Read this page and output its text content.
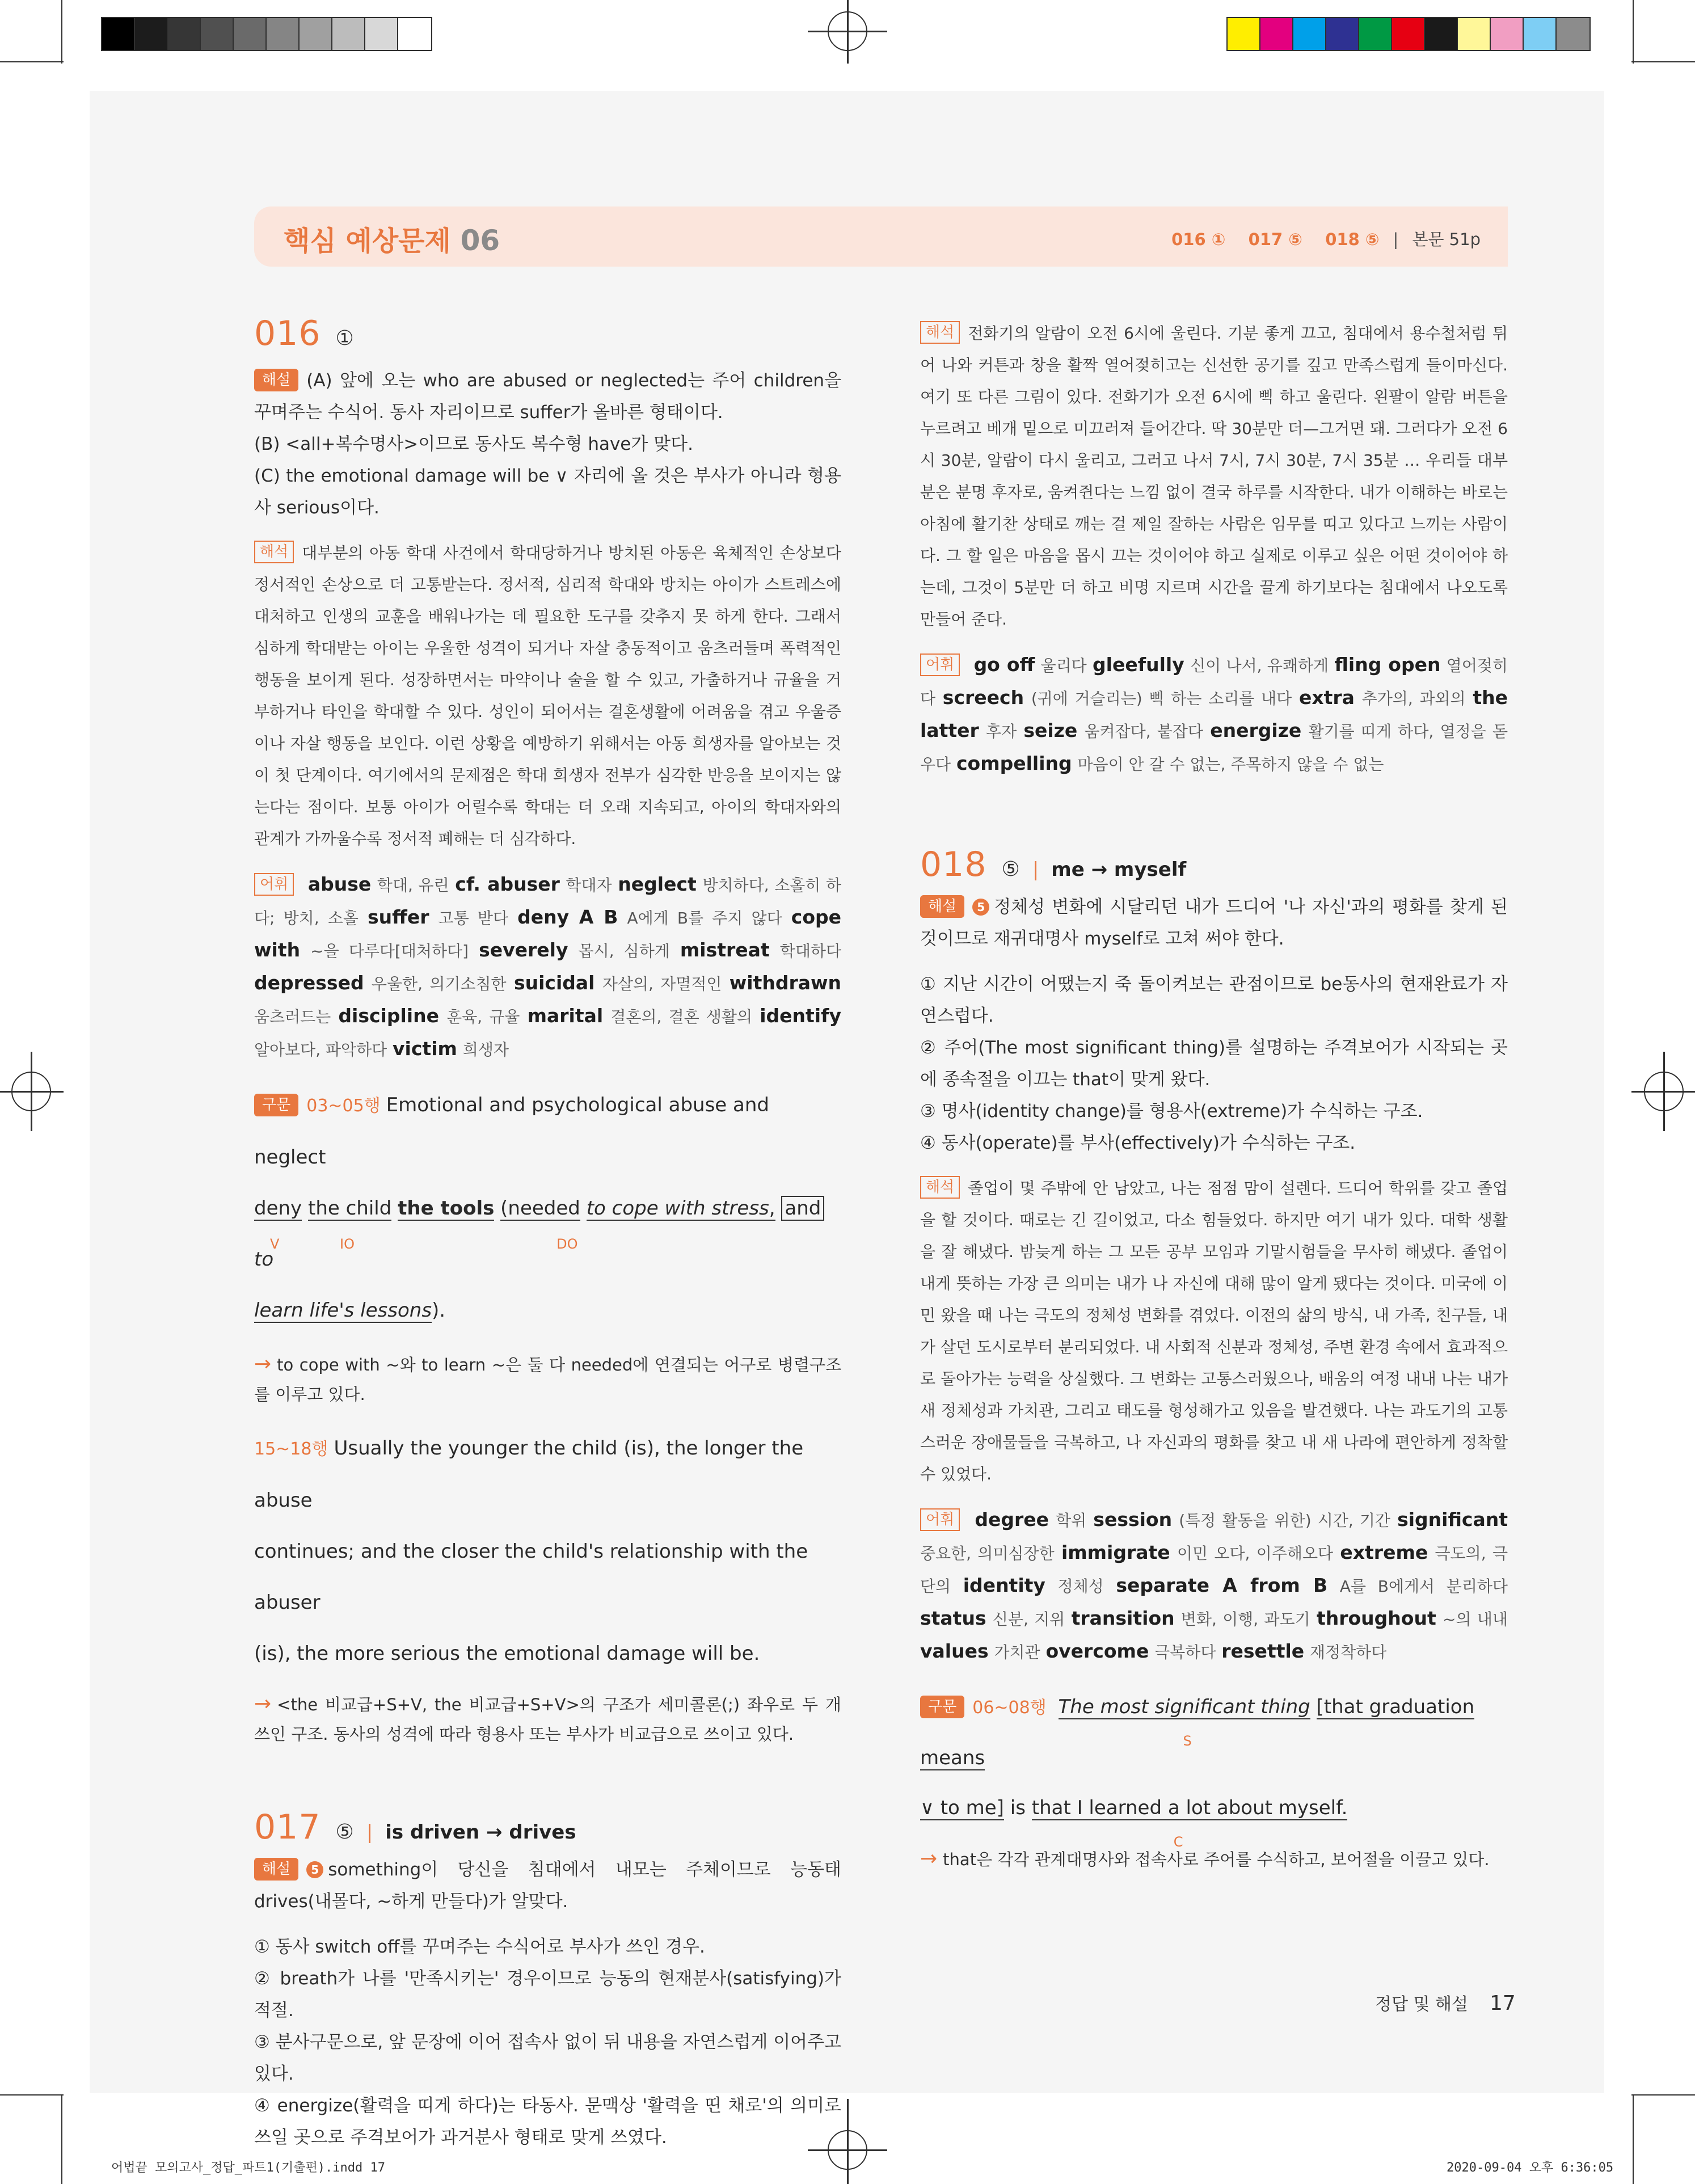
핵심 예상문제 06	016 ① 017 ⑤ 018 ⑤ | 본문 51p
016 ①
해설 (A) 앞에 오는 who are abused or neglected는 주어 children을 꾸며주는 수식어. 동사 자리이므로 suffer가 올바른 형태이다.
(B) <all+복수명사>이므로 동사도 복수형 have가 맞다.
(C) the emotional damage will be ∨ 자리에 올 것은 부사가 아니라 형용사 serious이다.
해석 대부분의 아동 학대 사건에서 학대당하거나 방치된 아동은 육체적인 손상보다 정서적인 손상으로 더 고통받는다. 정서적, 심리적 학대와 방치는 아이가 스트레스에 대처하고 인생의 교훈을 배워나가는 데 필요한 도구를 갖추지 못 하게 한다. 그래서 심하게 학대받는 아이는 우울한 성격이 되거나 자살 충동적이고 움츠러들며 폭력적인 행동을 보이게 된다. 성장하면서는 마약이나 술을 할 수 있고, 가출하거나 규율을 거부하거나 타인을 학대할 수 있다. 성인이 되어서는 결혼생활에 어려움을 겪고 우울증이나 자살 행동을 보인다. 이런 상황을 예방하기 위해서는 아동 희생자를 알아보는 것이 첫 단계이다. 여기에서의 문제점은 학대 희생자 전부가 심각한 반응을 보이지는 않는다는 점이다. 보통 아이가 어릴수록 학대는 더 오래 지속되고, 아이의 학대자와의 관계가 가까울수록 정서적 폐해는 더 심각하다.
어휘 abuse 학대, 유린 cf. abuser 학대자 neglect 방치하다, 소홀히 하다; 방치, 소홀 suffer 고통 받다 deny A B A에게 B를 주지 않다 cope with ~을 다루다[대처하다] severely 몹시, 심하게 mistreat 학대하다 depressed 우울한, 의기소침한 suicidal 자살의, 자멸적인 withdrawn 움츠러드는 discipline 훈육, 규율 marital 결혼의, 결혼 생활의 identify 알아보다, 파악하다 victim 희생자
구문 03~05행 Emotional and psychological abuse and neglect
deny
V
the child
IO
the tools (needed to cope with stress,
DO
and to
learn life's lessons).
→ to cope with ~와 to learn ~은 둘 다 needed에 연결되는 어구로 병렬구조를 이루고 있다.
15~18행 Usually the younger the child (is), the longer the abuse
continues; and the closer the child's relationship with the abuser
(is), the more serious the emotional damage will be.
→ <the 비교급+S+V, the 비교급+S+V>의 구조가 세미콜론(;) 좌우로 두 개 쓰인 구조. 동사의 성격에 따라 형용사 또는 부사가 비교급으로 쓰이고 있다.
017 ⑤ | is driven → drives
해설 5 something이 당신을 침대에서 내모는 주체이므로 능동태 drives(내몰다, ~하게 만들다)가 알맞다.
① 동사 switch off를 꾸며주는 수식어로 부사가 쓰인 경우.
② breath가 나를 '만족시키는' 경우이므로 능동의 현재분사(satisfying)가 적절.
③ 분사구문으로, 앞 문장에 이어 접속사 없이 뒤 내용을 자연스럽게 이어주고 있다.
④ energize(활력을 띠게 하다)는 타동사. 문맥상 '활력을 띤 채로'의 의미로 쓰일 곳으로 주격보어가 과거분사 형태로 맞게 쓰였다.
해석 전화기의 알람이 오전 6시에 울린다. 기분 좋게 끄고, 침대에서 용수철처럼 튀어 나와 커튼과 창을 활짝 열어젖히고는 신선한 공기를 깊고 만족스럽게 들이마신다. 여기 또 다른 그림이 있다. 전화기가 오전 6시에 삑 하고 울린다. 왼팔이 알람 버튼을 누르려고 베개 밑으로 미끄러져 들어간다. 딱 30분만 더—그거면 돼. 그러다가 오전 6시 30분, 알람이 다시 울리고, 그러고 나서 7시, 7시 30분, 7시 35분 … 우리들 대부분은 분명 후자로, 움켜쥔다는 느낌 없이 결국 하루를 시작한다. 내가 이해하는 바로는 아침에 활기찬 상태로 깨는 걸 제일 잘하는 사람은 임무를 띠고 있다고 느끼는 사람이다. 그 할 일은 마음을 몹시 끄는 것이어야 하고 실제로 이루고 싶은 어떤 것이어야 하는데, 그것이 5분만 더 하고 비명 지르며 시간을 끌게 하기보다는 침대에서 나오도록 만들어 준다.
어휘 go off 울리다 gleefully 신이 나서, 유쾌하게 fling open 열어젖히다 screech (귀에 거슬리는) 삑 하는 소리를 내다 extra 추가의, 과외의 the latter 후자 seize 움켜잡다, 붙잡다 energize 활기를 띠게 하다, 열정을 돋우다 compelling 마음이 안 갈 수 없는, 주목하지 않을 수 없는
018 ⑤ | me → myself
해설 5 정체성 변화에 시달리던 내가 드디어 '나 자신'과의 평화를 찾게 된 것이므로 재귀대명사 myself로 고쳐 써야 한다.
① 지난 시간이 어땠는지 죽 돌이켜보는 관점이므로 be동사의 현재완료가 자연스럽다.
② 주어(The most significant thing)를 설명하는 주격보어가 시작되는 곳에 종속절을 이끄는 that이 맞게 왔다.
③ 명사(identity change)를 형용사(extreme)가 수식하는 구조.
④ 동사(operate)를 부사(effectively)가 수식하는 구조.
해석 졸업이 몇 주밖에 안 남았고, 나는 점점 맘이 설렌다. 드디어 학위를 갖고 졸업을 할 것이다. 때로는 긴 길이었고, 다소 힘들었다. 하지만 여기 내가 있다. 대학 생활을 잘 해냈다. 밤늦게 하는 그 모든 공부 모임과 기말시험들을 무사히 해냈다. 졸업이 내게 뜻하는 가장 큰 의미는 내가 나 자신에 대해 많이 알게 됐다는 것이다. 미국에 이민 왔을 때 나는 극도의 정체성 변화를 겪었다. 이전의 삶의 방식, 내 가족, 친구들, 내가 살던 도시로부터 분리되었다. 내 사회적 신분과 정체성, 주변 환경 속에서 효과적으로 돌아가는 능력을 상실했다. 그 변화는 고통스러웠으나, 배움의 여정 내내 나는 내가 새 정체성과 가치관, 그리고 태도를 형성해가고 있음을 발견했다. 나는 과도기의 고통스러운 장애물들을 극복하고, 나 자신과의 평화를 찾고 내 새 나라에 편안하게 정착할 수 있었다.
어휘 degree 학위 session (특정 활동을 위한) 시간, 기간 significant 중요한, 의미심장한 immigrate 이민 오다, 이주해오다 extreme 극도의, 극단의 identity 정체성 separate A from B A를 B에게서 분리하다 status 신분, 지위 transition 변화, 이행, 과도기 throughout ~의 내내 values 가치관 overcome 극복하다 resettle 재정착하다
구문 06~08행 The most significant thing
S
[that graduation means
∨ to me] is that I learned a lot about myself.
C
→ that은 각각 관계대명사와 접속사로 주어를 수식하고, 보어절을 이끌고 있다.
정답 및 해설 17
어법끝 모의고사_정답_파트1(기출편).indd 17	2020-09-04 오후 6:36:05
